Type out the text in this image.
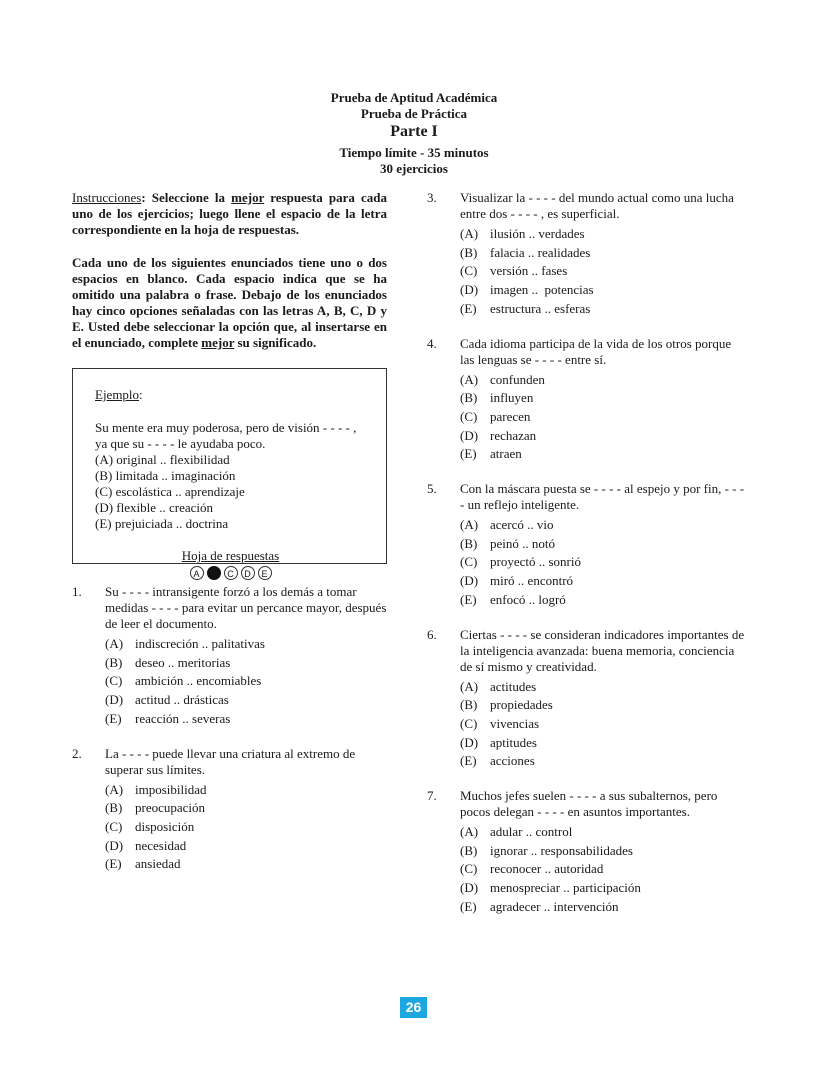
Prueba de Aptitud Académica
Prueba de Práctica
Parte I
Tiempo límite - 35 minutos
30 ejercicios

Instrucciones: Seleccione la mejor respuesta para cada uno de los ejercicios; luego llene el espacio de la letra correspondiente en la hoja de respuestas.

Cada uno de los siguientes enunciados tiene uno o dos espacios en blanco. Cada espacio indica que se ha omitido una palabra o frase. Debajo de los enunciados hay cinco opciones señaladas con las letras A, B, C, D y E. Usted debe seleccionar la opción que, al insertarse en el enunciado, complete mejor su significado.

Ejemplo:

Su mente era muy poderosa, pero de visión - - - - , ya que su - - - - le ayudaba poco.

(A) original .. flexibilidad

(B) limitada .. imaginación

(C) escolástica .. aprendizaje

(D) flexible .. creación

(E) prejuiciada .. doctrina

Hoja de respuestas
A	C	D	E
1.	Su - - - - intransigente forzó a los demás a tomar medidas - - - - para evitar un percance mayor, después de leer el documento.

(A) indiscreción .. palitativas
(B) deseo .. meritorias
(C) ambición .. encomiables
(D) actitud .. drásticas
(E)	reacción .. severas
2.	La - - - - puede llevar una criatura al extremo de superar sus límites.

(A) imposibilidad
(B) preocupación
(C) disposición
(D) necesidad
(E)	ansiedad
3.	Visualizar la - - - - del mundo actual como una lucha entre dos - - - - , es superficial.

(A) ilusión .. verdades
(B) falacia .. realidades
(C) versión .. fases
(D) imagen ..  potencias
(E)	estructura .. esferas
4.	Cada idioma participa de la vida de los otros porque las lenguas se - - - - entre sí.

(A) confunden
(B) influyen
(C) parecen
(D) rechazan
(E)	atraen
5.	Con la máscara puesta se - - - - al espejo y por fin, - - - - un reflejo inteligente.

(A) acercó .. vio
(B) peinó .. notó
(C) proyectó .. sonrió
(D) miró .. encontró
(E)	enfocó .. logró
6.	Ciertas - - - - se consideran indicadores importantes de la inteligencia avanzada: buena memoria, conciencia de sí mismo y creatividad.

(A) actitudes
(B) propiedades
(C) vivencias
(D) aptitudes
(E)	acciones
7.	Muchos jefes suelen - - - - a sus subalternos, pero pocos delegan - - - - en asuntos importantes.

(A) adular .. control
(B) ignorar .. responsabilidades
(C) reconocer .. autoridad
(D) menospreciar .. participación
(E)	agradecer .. intervención
26
